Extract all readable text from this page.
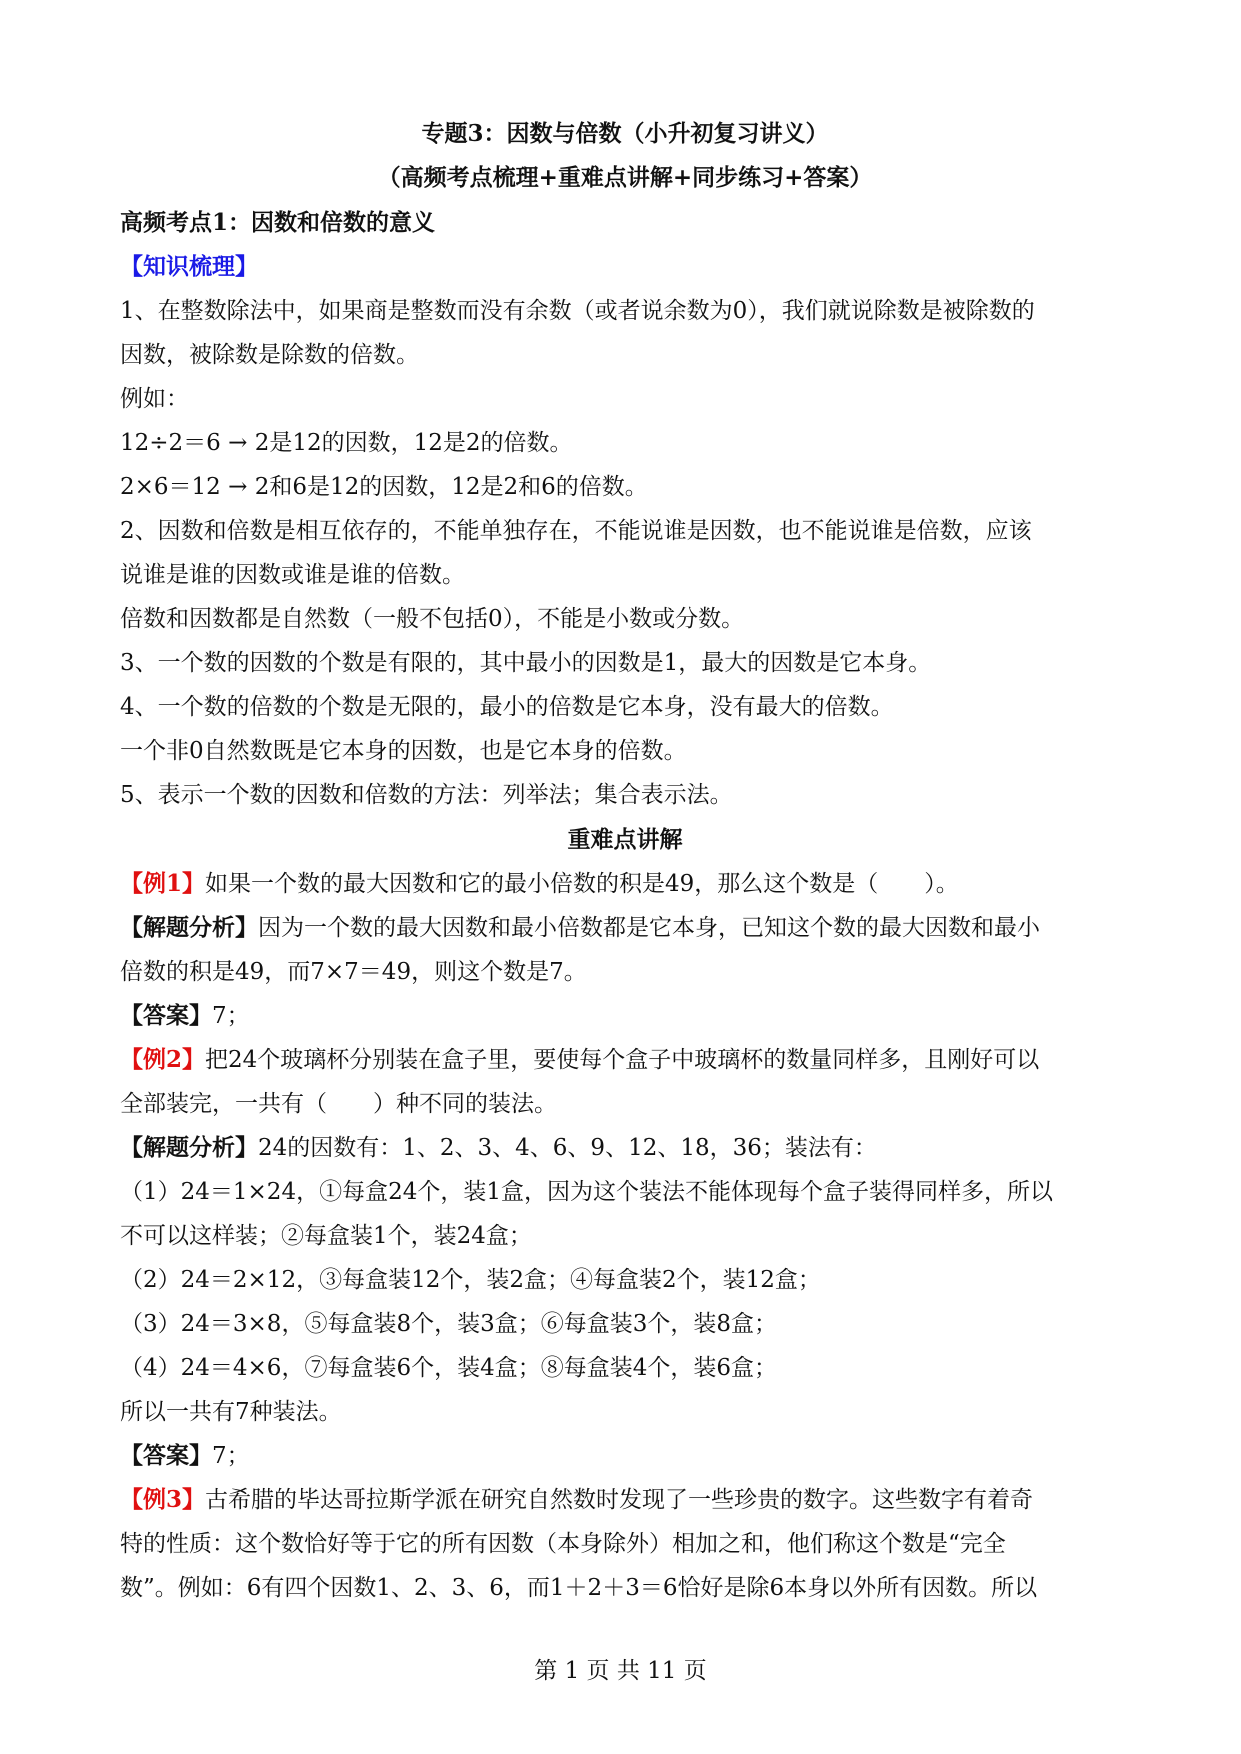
专题3：因数与倍数（小升初复习讲义）
（高频考点梳理+重难点讲解+同步练习+答案）
高频考点1：因数和倍数的意义
【知识梳理】
1、在整数除法中，如果商是整数而没有余数（或者说余数为0），我们就说除数是被除数的
因数，被除数是除数的倍数。
例如：
12÷2＝6 → 2是12的因数，12是2的倍数。
2×6＝12 → 2和6是12的因数，12是2和6的倍数。
2、因数和倍数是相互依存的，不能单独存在，不能说谁是因数，也不能说谁是倍数，应该
说谁是谁的因数或谁是谁的倍数。
倍数和因数都是自然数（一般不包括0），不能是小数或分数。
3、一个数的因数的个数是有限的，其中最小的因数是1，最大的因数是它本身。
4、一个数的倍数的个数是无限的，最小的倍数是它本身，没有最大的倍数。
一个非0自然数既是它本身的因数，也是它本身的倍数。
5、表示一个数的因数和倍数的方法：列举法；集合表示法。
重难点讲解
【例1】如果一个数的最大因数和它的最小倍数的积是49，那么这个数是（　　）。
【解题分析】因为一个数的最大因数和最小倍数都是它本身，已知这个数的最大因数和最小
倍数的积是49，而7×7＝49，则这个数是7。
【答案】7；
【例2】把24个玻璃杯分别装在盒子里，要使每个盒子中玻璃杯的数量同样多，且刚好可以
全部装完，一共有（　　）种不同的装法。
【解题分析】24的因数有：1、2、3、4、6、9、12、18，36；装法有：
（1）24＝1×24，①每盒24个，装1盒，因为这个装法不能体现每个盒子装得同样多，所以
不可以这样装；②每盒装1个，装24盒；
（2）24＝2×12，③每盒装12个，装2盒；④每盒装2个，装12盒；
（3）24＝3×8，⑤每盒装8个，装3盒；⑥每盒装3个，装8盒；
（4）24＝4×6，⑦每盒装6个，装4盒；⑧每盒装4个，装6盒；
所以一共有7种装法。
【答案】7；
【例3】古希腊的毕达哥拉斯学派在研究自然数时发现了一些珍贵的数字。这些数字有着奇
特的性质：这个数恰好等于它的所有因数（本身除外）相加之和，他们称这个数是“完全
数”。例如：6有四个因数1、2、3、6，而1＋2＋3＝6恰好是除6本身以外所有因数。所以
第 1 页 共 11 页
